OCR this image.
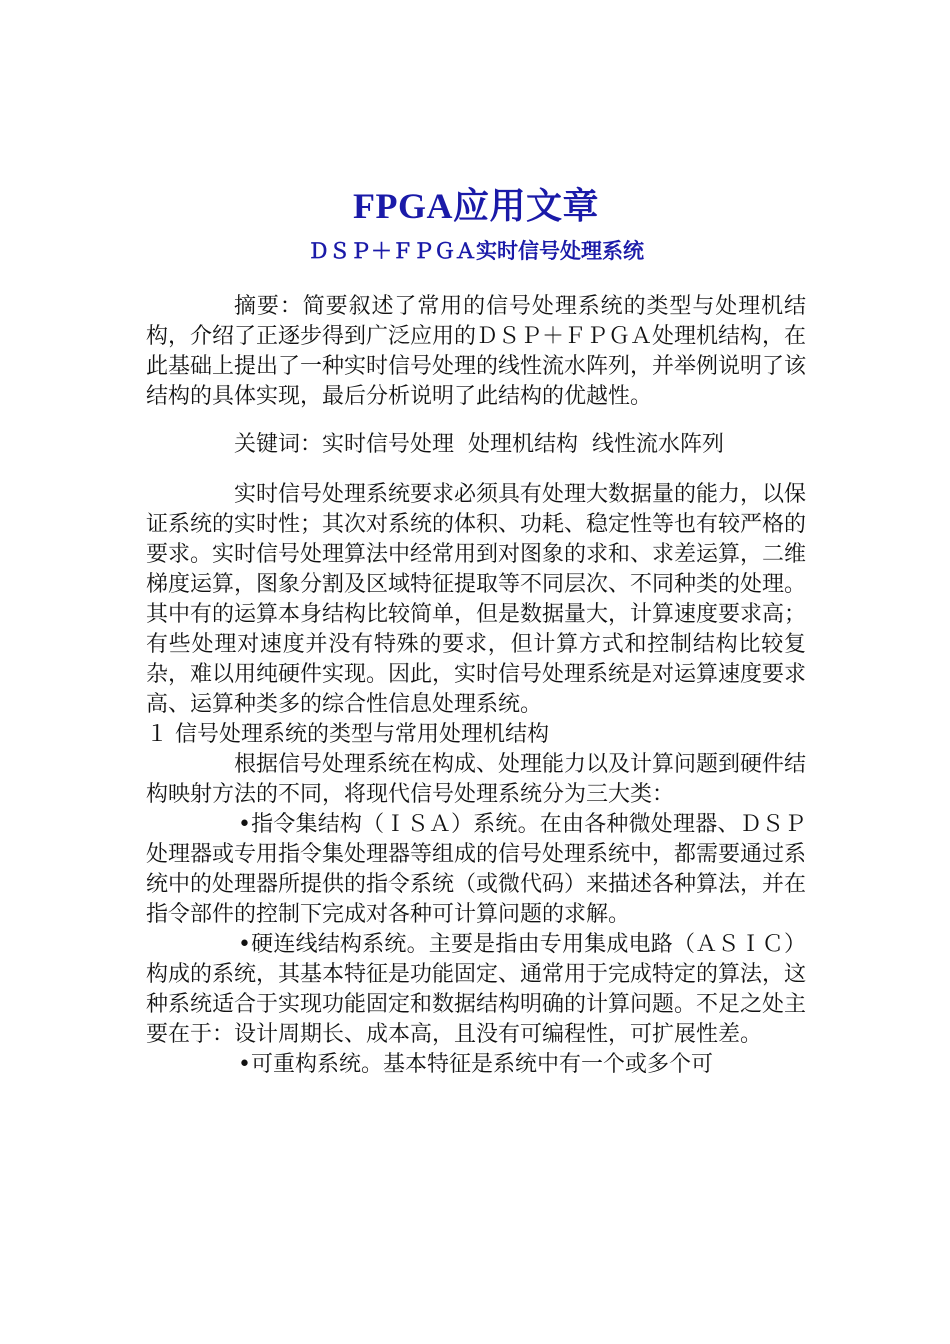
FPGA应用文章
ＤＳＰ＋ＦＰＧＡ实时信号处理系统

摘要：简要叙述了常用的信号处理系统的类型与处理机结构，介绍了正逐步得到广泛应用的ＤＳＰ＋ＦＰＧＡ处理机结构，在此基础上提出了一种实时信号处理的线性流水阵列，并举例说明了该结构的具体实现，最后分析说明了此结构的优越性。

关键词：实时信号处理  处理机结构  线性流水阵列

实时信号处理系统要求必须具有处理大数据量的能力，以保证系统的实时性；其次对系统的体积、功耗、稳定性等也有较严格的要求。实时信号处理算法中经常用到对图象的求和、求差运算，二维梯度运算，图象分割及区域特征提取等不同层次、不同种类的处理。其中有的运算本身结构比较简单，但是数据量大，计算速度要求高；有些处理对速度并没有特殊的要求，但计算方式和控制结构比较复杂，难以用纯硬件实现。因此，实时信号处理系统是对运算速度要求高、运算种类多的综合性信息处理系统。

１ 信号处理系统的类型与常用处理机结构

根据信号处理系统在构成、处理能力以及计算问题到硬件结构映射方法的不同，将现代信号处理系统分为三大类：

•指令集结构（ＩＳＡ）系统。在由各种微处理器、ＤＳＰ处理器或专用指令集处理器等组成的信号处理系统中，都需要通过系统中的处理器所提供的指令系统（或微代码）来描述各种算法，并在指令部件的控制下完成对各种可计算问题的求解。

•硬连线结构系统。主要是指由专用集成电路（ＡＳＩＣ）构成的系统，其基本特征是功能固定、通常用于完成特定的算法，这种系统适合于实现功能固定和数据结构明确的计算问题。不足之处主要在于：设计周期长、成本高，且没有可编程性，可扩展性差。

•可重构系统。基本特征是系统中有一个或多个可
